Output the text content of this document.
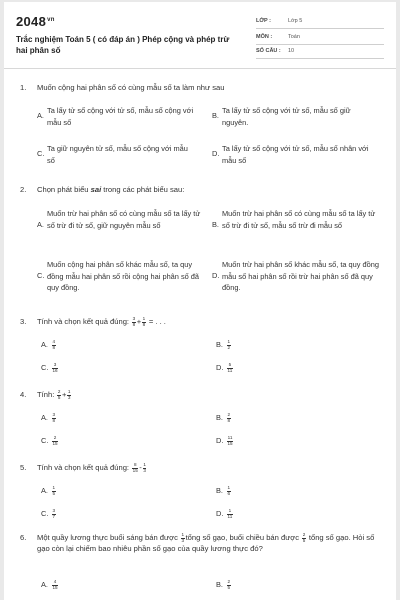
$2048^{vn}$
Trắc nghiệm Toán 5 ( có đáp án ) Phép cộng và phép trừ hai phân số
LỚP :	Lớp 5
MÔN :	Toán
SỐ CÂU : 10
1.	Muốn cộng hai phân số có cùng mẫu số ta làm như sau
A.
Ta lấy tử số cộng với tử số, mẫu số cộng với mẫu số
B.
Ta lấy tử số cộng với tử số, mẫu số giữ nguyên.
C.
Ta giữ nguyên tử số, mẫu số cộng với mẫu số
D.
Ta lấy tử số cộng với tử số, mẫu số nhân với mẫu số
2.	Chọn phát biểu sai trong các phát biểu sau:
A.
Muốn trừ hai phân số có cùng mẫu số ta lấy tử số trừ đi tử số, giữ nguyên mẫu số	B.
Muốn trừ hai phân số có cùng mẫu số ta lấy tử số trừ đi tử số, mẫu số trừ đi mẫu số
C.
Muốn cộng hai phân số khác mẫu số, ta quy đồng mẫu hai phân số rồi cộng hai phân số đã quy đồng.
D.
Muốn trừ hai phân số khác mẫu số, ta quy đồng mẫu số hai phân số rồi trừ hai phân số đã quy đồng.
3.	Tính và chọn kết quả đúng: $\frac{3}{8} + \frac{1}{8}$ = . . .
A. $\frac{4}{8}$	B. $\frac{1}{2}$
C. $\frac{3}{16}$	D. $\frac{5}{11}$
4.	Tính: $\frac{2}{5} + \frac{1}{3}$
A. $\frac{3}{8}$	B. $\frac{2}{8}$
C. $\frac{2}{15}$	D. $\frac{11}{15}$
5.	Tính và chọn kết quả đúng: $\frac{8}{15} - \frac{1}{3}$
A. $\frac{1}{5}$	B. $\frac{1}{6}$
C. $\frac{3}{7}$	D. $\frac{1}{11}$
6.	Một quầy lương thực buổi sáng bán được $\frac{1}{3}$ tổng số gạo, buổi chiều bán được $\frac{2}{5}$ tổng số gạo. Hỏi số gạo còn lại chiếm bao nhiêu phần số gạo của quầy lương thực đó?
A. $\frac{4}{15}$	B. $\frac{2}{5}$
